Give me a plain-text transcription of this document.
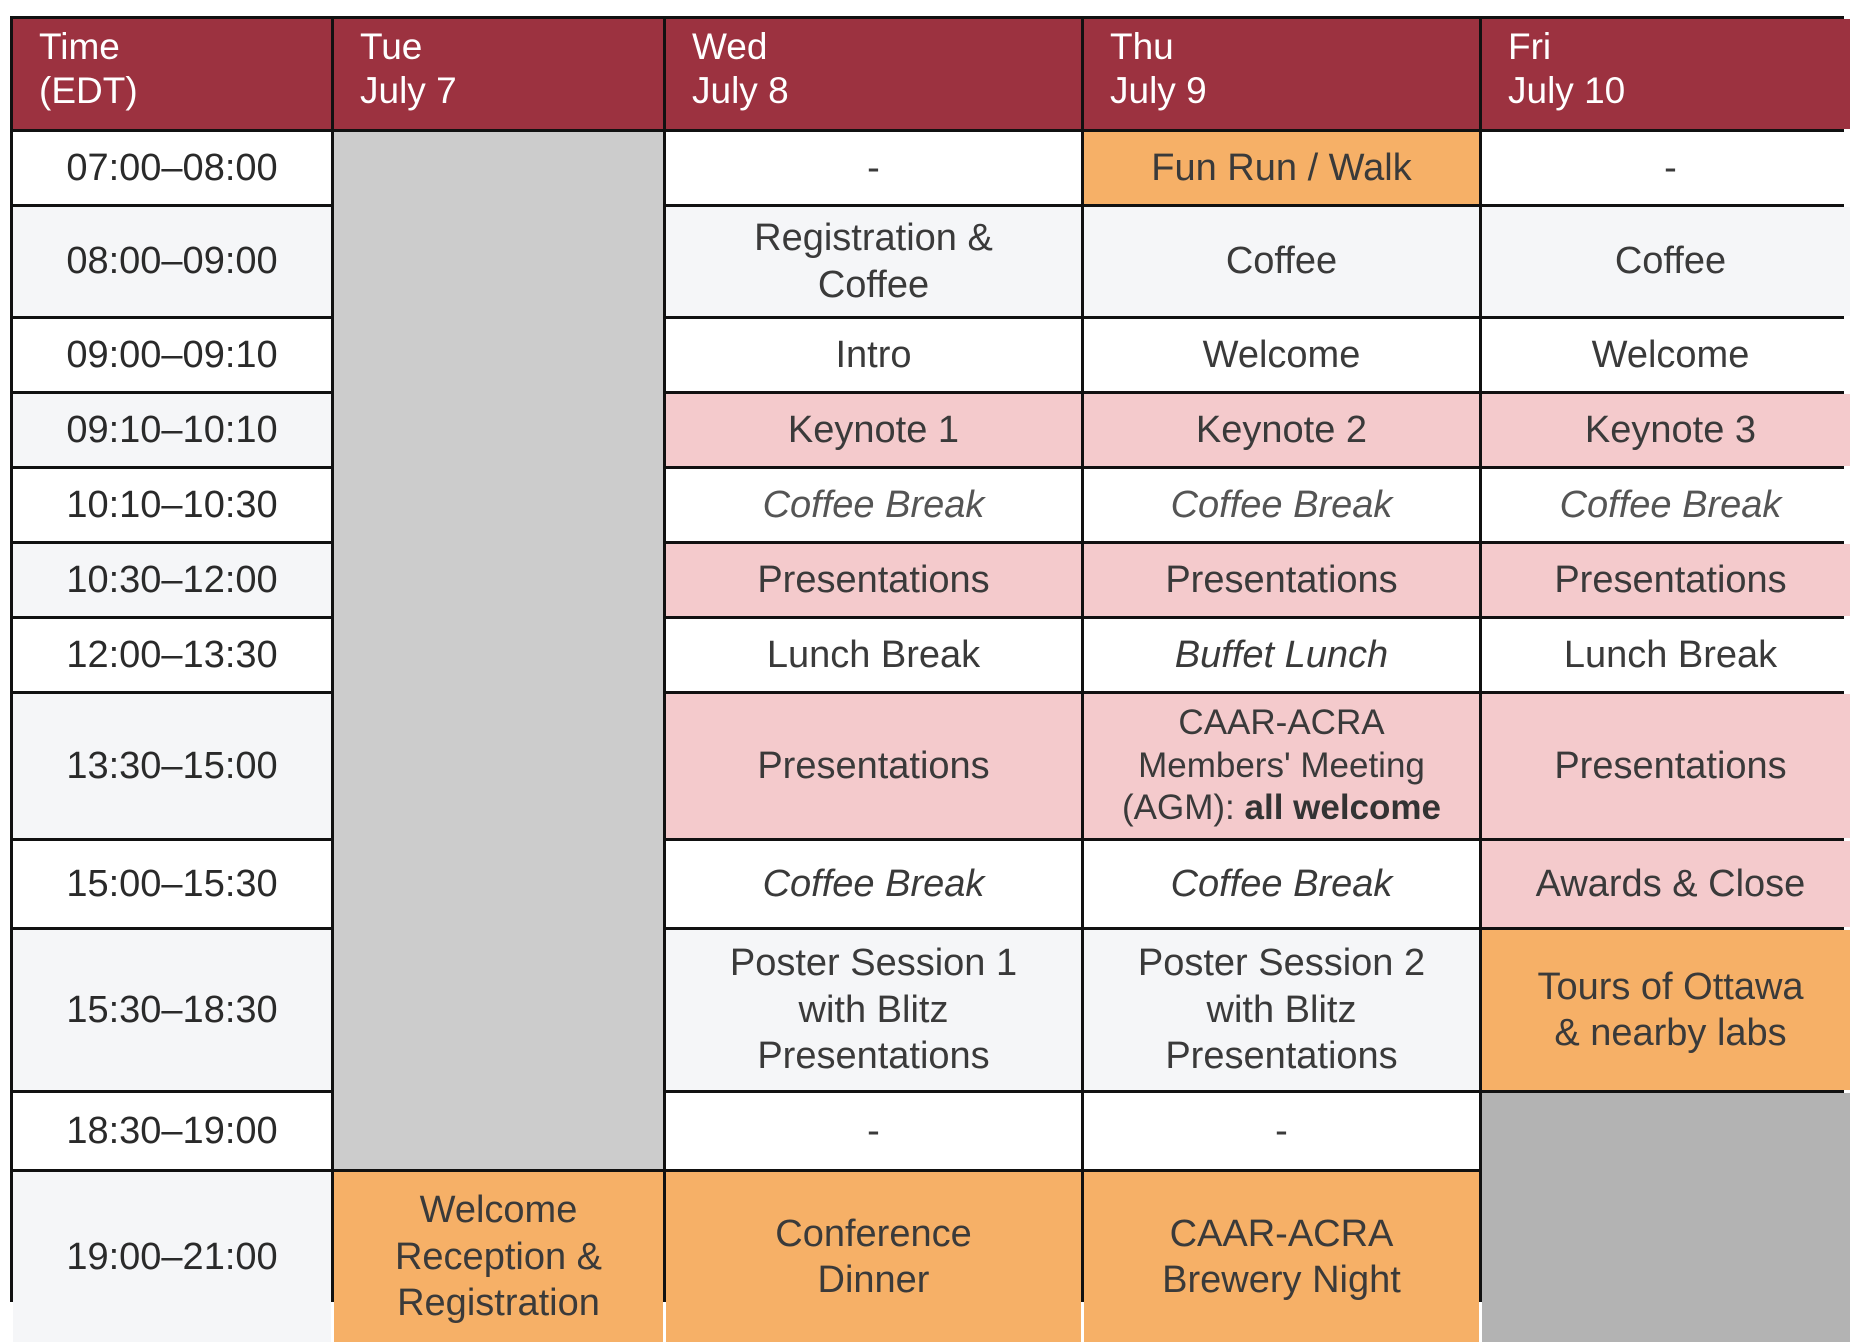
Time
(EDT)
Tue
July 7
Wed
July 8
Thu
July 9
Fri
July 10
07:00–08:00
08:00–09:00
09:00–09:10
09:10–10:10
10:10–10:30
10:30–12:00
12:00–13:30
13:30–15:00
15:00–15:30
15:30–18:30
18:30–19:00
19:00–21:00
Welcome
Reception &
Registration
-
Registration &
Coffee
Intro
Keynote 1
Coffee Break
Presentations
Lunch Break
Presentations
Coffee Break
Poster Session 1
with Blitz
Presentations
-
Conference
Dinner
Fun Run / Walk
Coffee
Welcome
Keynote 2
Coffee Break
Presentations
Buffet Lunch
CAAR-ACRA
Members' Meeting
(AGM): all welcome
Coffee Break
Poster Session 2
with Blitz
Presentations
-
CAAR-ACRA
Brewery Night
-
Coffee
Welcome
Keynote 3
Coffee Break
Presentations
Lunch Break
Presentations
Awards & Close
Tours of Ottawa
& nearby labs
